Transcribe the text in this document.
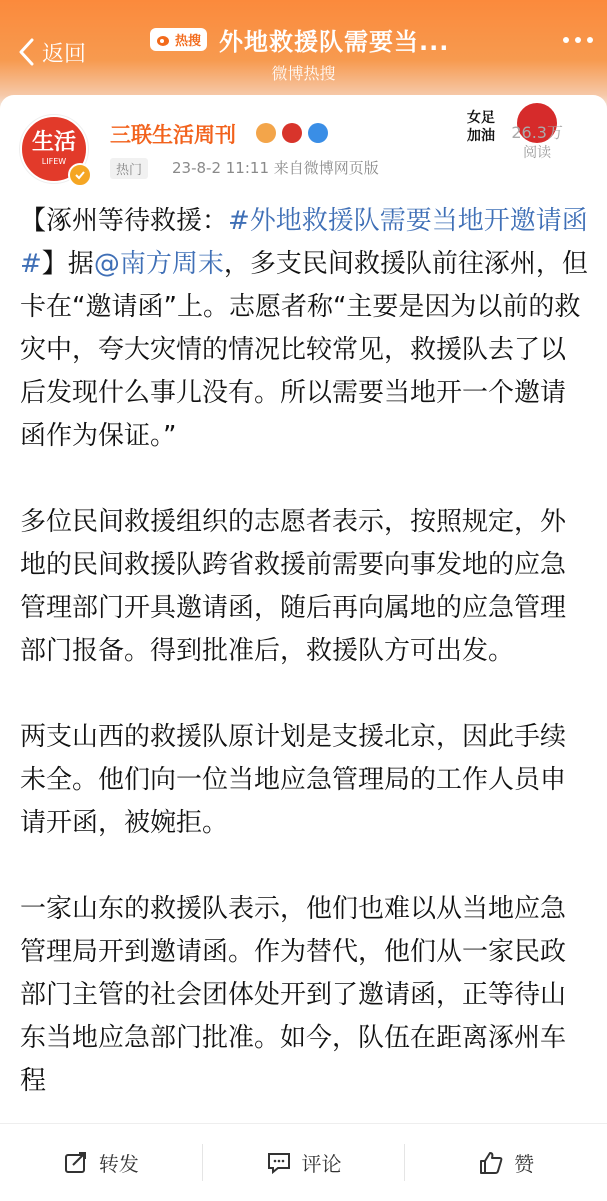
返回	热搜 外地救援队需要当...
微博热搜
生活
LIFEW
三联生活周刊
热门	23-8-2 11:11 来自微博网页版
女足
加油 26.3万
阅读

【涿州等待救援：#外地救援队需要当地开邀请函#】据@南方周末，多支民间救援队前往涿州，但卡在“邀请函”上。志愿者称“主要是因为以前的救灾中，夸大灾情的情况比较常见，救援队去了以后发现什么事儿没有。所以需要当地开一个邀请函作为保证。”

多位民间救援组织的志愿者表示，按照规定，外地的民间救援队跨省救援前需要向事发地的应急管理部门开具邀请函，随后再向属地的应急管理部门报备。得到批准后，救援队方可出发。

两支山西的救援队原计划是支援北京，因此手续未全。他们向一位当地应急管理局的工作人员申请开函，被婉拒。

一家山东的救援队表示，他们也难以从当地应急管理局开到邀请函。作为替代，他们从一家民政部门主管的社会团体处开到了邀请函，正等待山东当地应急部门批准。如今，队伍在距离涿州车程

转发	评论	赞
